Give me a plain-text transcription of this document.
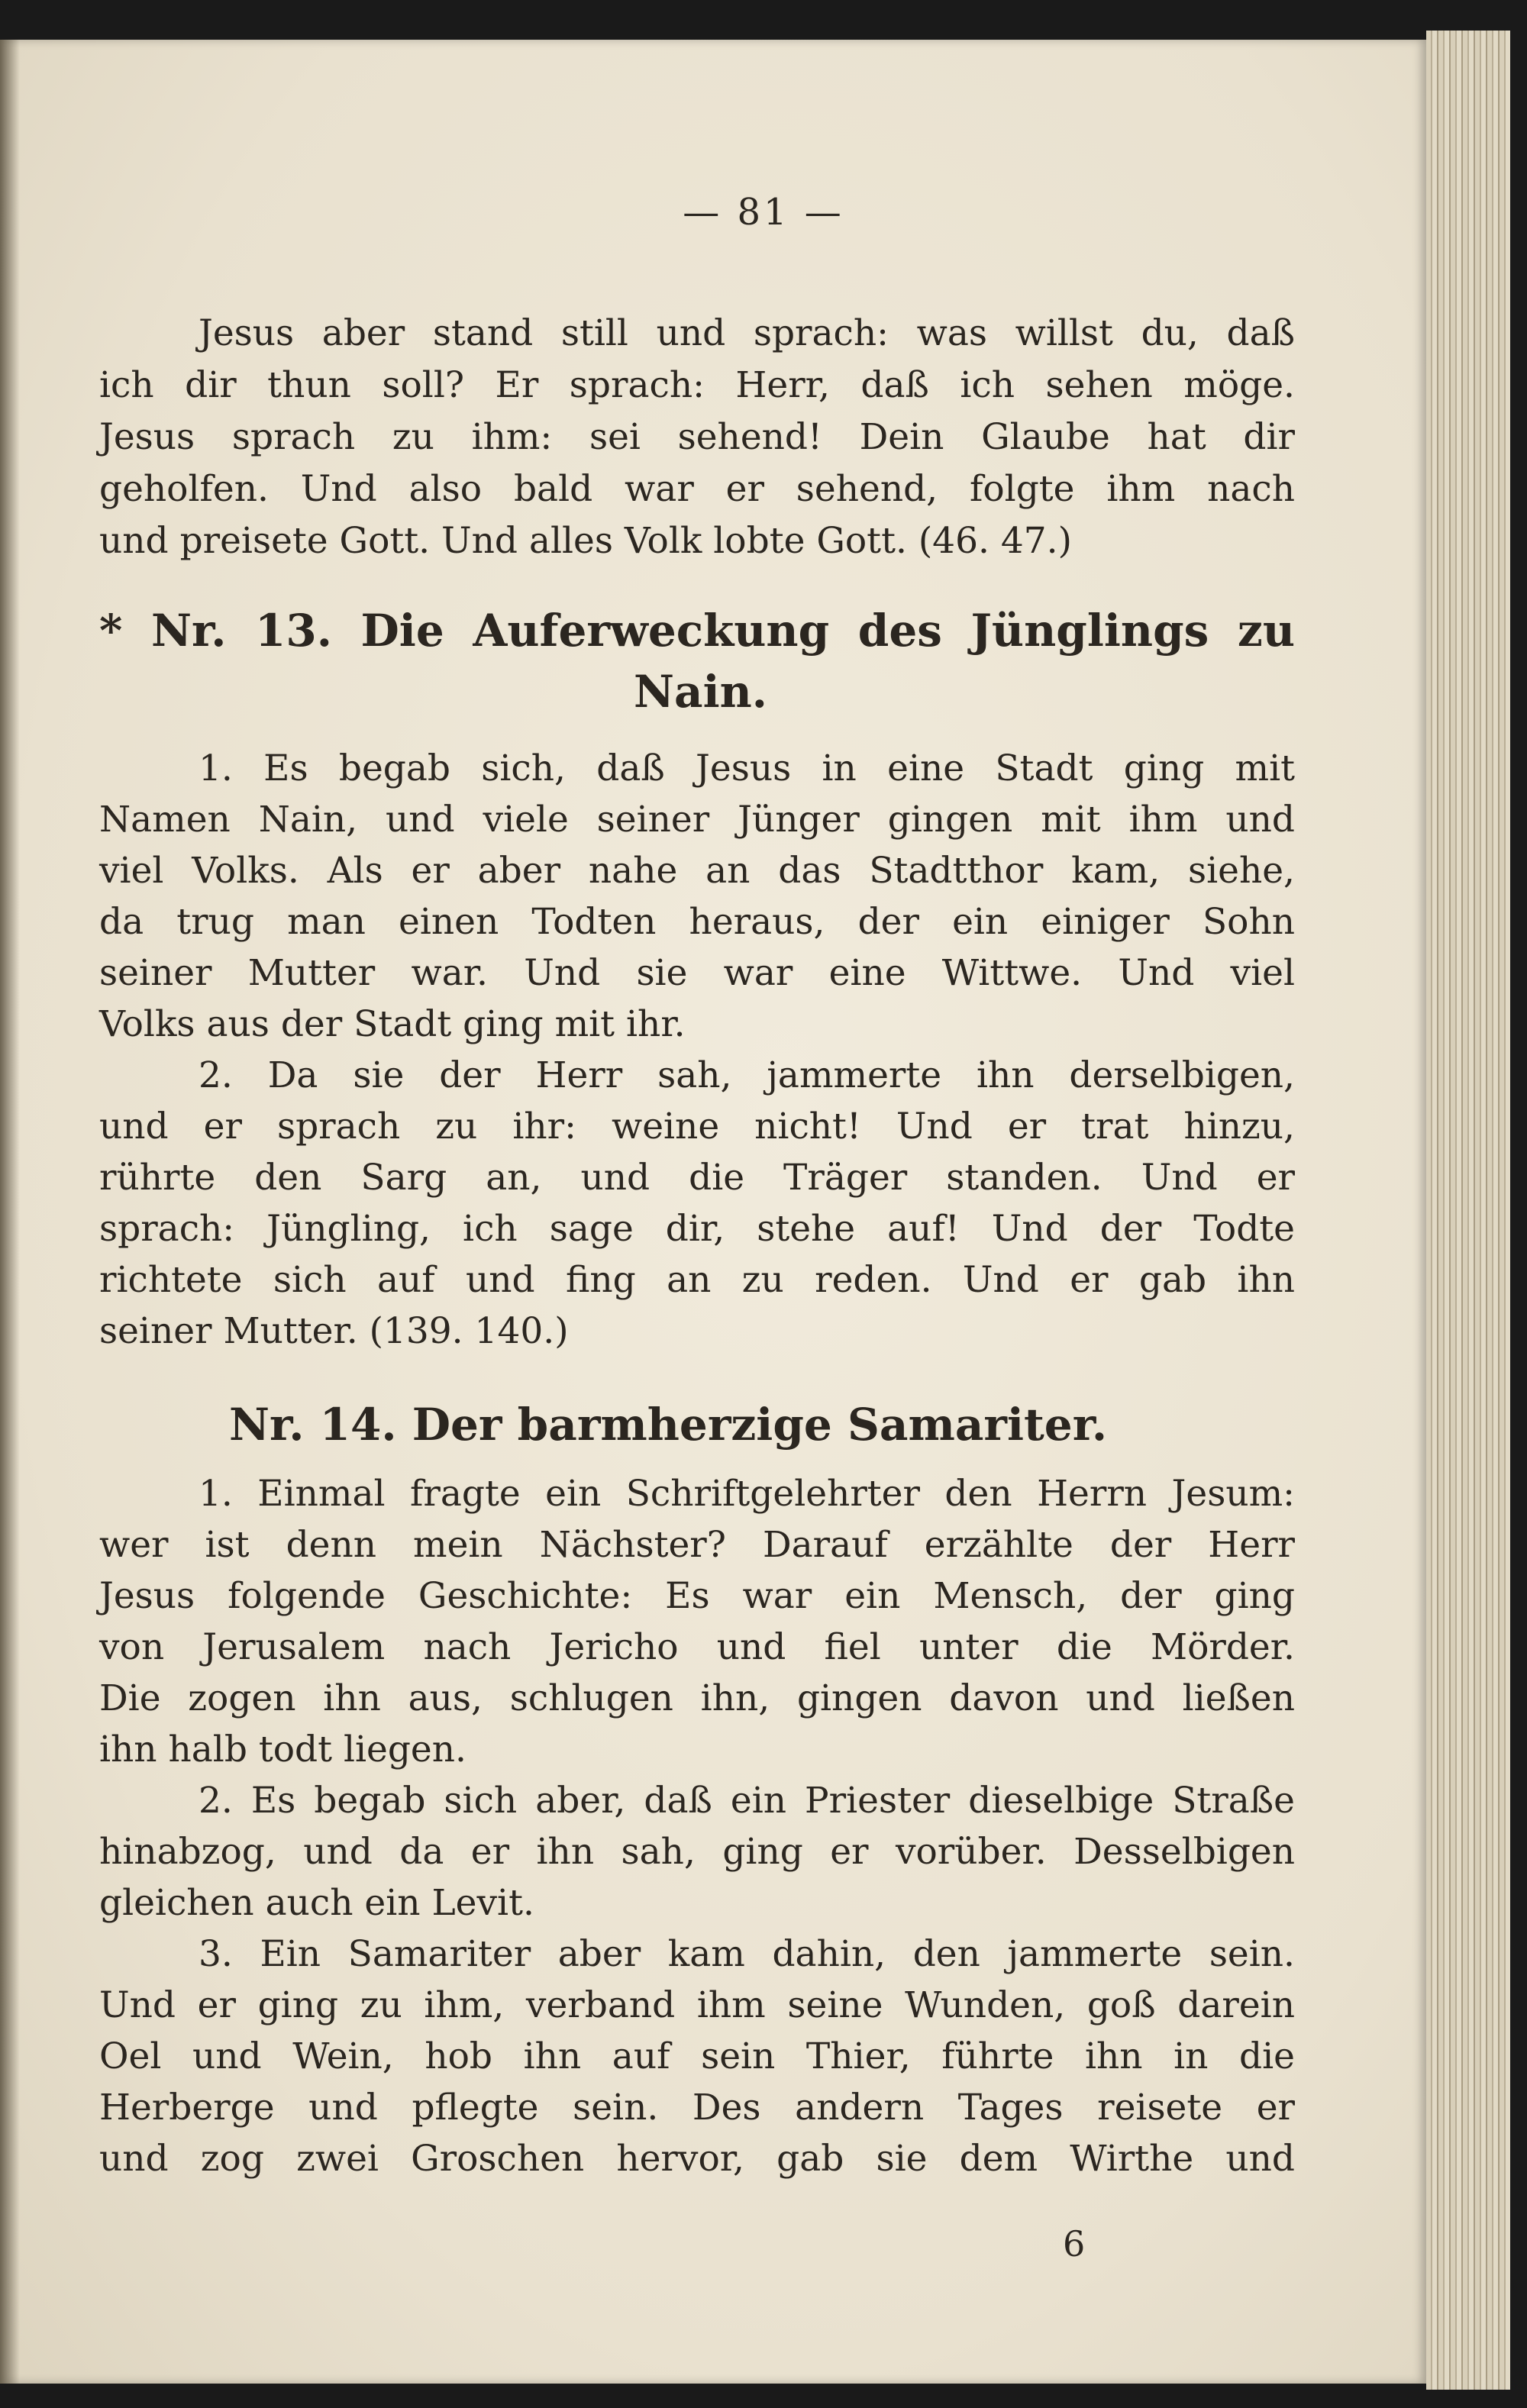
— 81 —
Jesus aber stand still und sprach: was willst du, daß
ich dir thun soll? Er sprach: Herr, daß ich sehen möge.
Jesus sprach zu ihm: sei sehend! Dein Glaube hat dir
geholfen. Und also bald war er sehend, folgte ihm nach
und preisete Gott. Und alles Volk lobte Gott. (46. 47.)
* Nr. 13. Die Auferweckung des Jünglings zu
Nain.
1. Es begab sich, daß Jesus in eine Stadt ging mit
Namen Nain, und viele seiner Jünger gingen mit ihm und
viel Volks. Als er aber nahe an das Stadtthor kam, siehe,
da trug man einen Todten heraus, der ein einiger Sohn
seiner Mutter war. Und sie war eine Wittwe. Und viel
Volks aus der Stadt ging mit ihr.
2. Da sie der Herr sah, jammerte ihn derselbigen,
und er sprach zu ihr: weine nicht! Und er trat hinzu,
rührte den Sarg an, und die Träger standen. Und er
sprach: Jüngling, ich sage dir, stehe auf! Und der Todte
richtete sich auf und fing an zu reden. Und er gab ihn
seiner Mutter. (139. 140.)
Nr. 14. Der barmherzige Samariter.
1. Einmal fragte ein Schriftgelehrter den Herrn Jesum:
wer ist denn mein Nächster? Darauf erzählte der Herr
Jesus folgende Geschichte: Es war ein Mensch, der ging
von Jerusalem nach Jericho und fiel unter die Mörder.
Die zogen ihn aus, schlugen ihn, gingen davon und ließen
ihn halb todt liegen.
2. Es begab sich aber, daß ein Priester dieselbige Straße
hinabzog, und da er ihn sah, ging er vorüber. Desselbigen
gleichen auch ein Levit.
3. Ein Samariter aber kam dahin, den jammerte sein.
Und er ging zu ihm, verband ihm seine Wunden, goß darein
Oel und Wein, hob ihn auf sein Thier, führte ihn in die
Herberge und pflegte sein. Des andern Tages reisete er
und zog zwei Groschen hervor, gab sie dem Wirthe und
6
